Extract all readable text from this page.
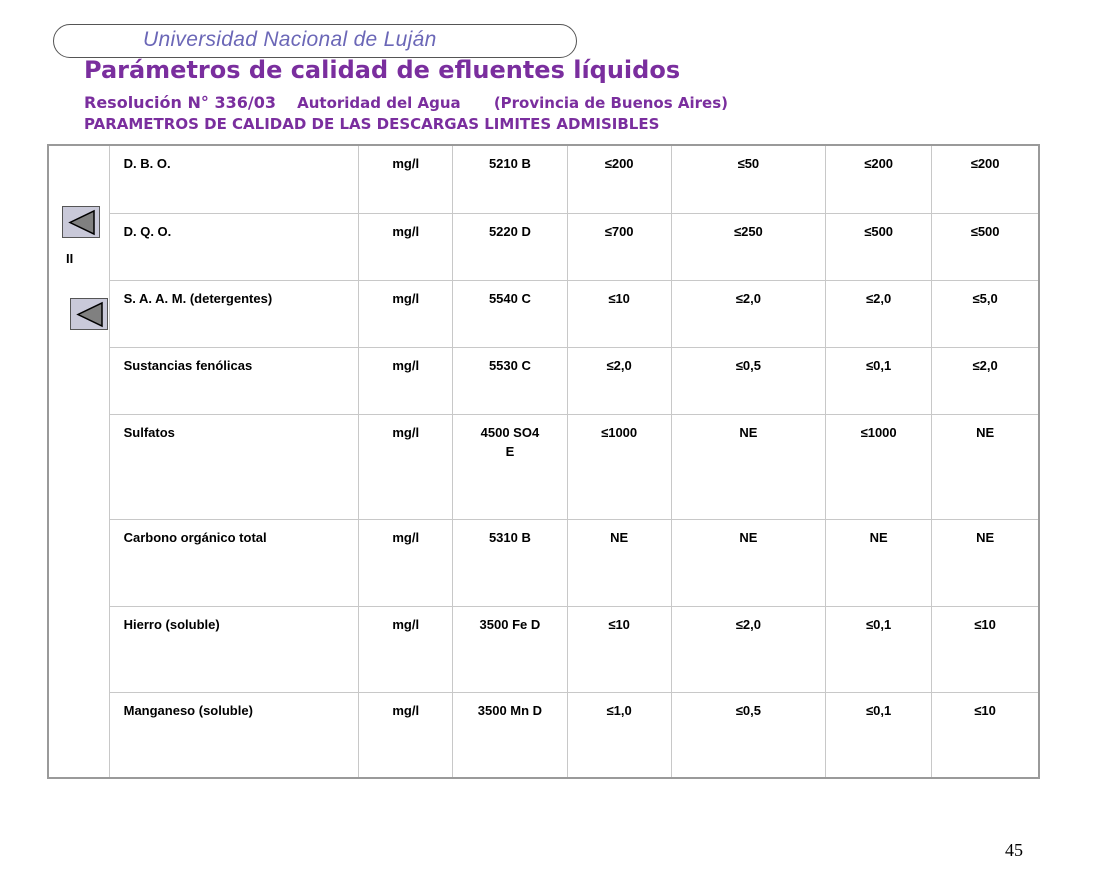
Universidad Nacional de Luján
Parámetros de calidad de efluentes líquidos
Resolución N° 336/03 Autoridad del Agua (Provincia de Buenos Aires)
PARAMETROS DE CALIDAD DE LAS DESCARGAS LIMITES ADMISIBLES
II	D. B. O.	mg/l	5210 B	≤200	≤50	≤200	≤200
	D. Q. O.	mg/l	5220 D	≤700	≤250	≤500	≤500
	S. A. A. M. (detergentes)	mg/l	5540 C	≤10	≤2,0	≤2,0	≤5,0
	Sustancias fenólicas	mg/l	5530 C	≤2,0	≤0,5	≤0,1	≤2,0
	Sulfatos	mg/l	4500 SO4 E	≤1000	NE	≤1000	NE
	Carbono orgánico total	mg/l	5310 B	NE	NE	NE	NE
	Hierro (soluble)	mg/l	3500 Fe D	≤10	≤2,0	≤0,1	≤10
	Manganeso (soluble)	mg/l	3500 Mn D	≤1,0	≤0,5	≤0,1	≤10
45
